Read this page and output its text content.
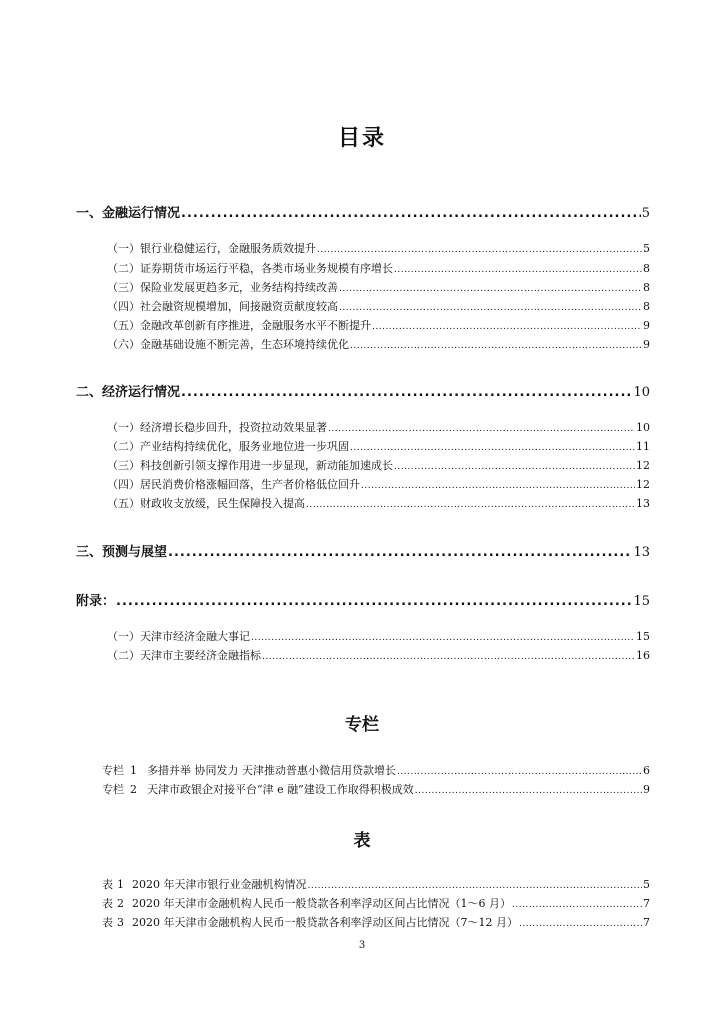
目录
一、金融运行情况 .....	5
（一）银行业稳健运行，金融服务质效提升 .....	5
（二）证券期货市场运行平稳，各类市场业务规模有序增长 .....	8
（三）保险业发展更趋多元，业务结构持续改善 .....	8
（四）社会融资规模增加，间接融资贡献度较高 .....	8
（五）金融改革创新有序推进，金融服务水平不断提升 .....	9
（六）金融基础设施不断完善，生态环境持续优化 .....	9
二、经济运行情况 .....	10
（一）经济增长稳步回升，投资拉动效果显著 .....	10
（二）产业结构持续优化，服务业地位进一步巩固 .....	11
（三）科技创新引领支撑作用进一步显现，新动能加速成长 .....	12
（四）居民消费价格涨幅回落，生产者价格低位回升 .....	12
（五）财政收支放缓，民生保障投入提高 .....	13
三、预测与展望 .....	13
附录： .....	15
（一）天津市经济金融大事记 .....	15
（二）天津市主要经济金融指标 .....	16
专栏
专栏 1 多措并举 协同发力 天津推动普惠小微信用贷款增长 .....	6
专栏 2 天津市政银企对接平台“津 e 融”建设工作取得积极成效 .....	9
表
表 1 2020 年天津市银行业金融机构情况 .....	5
表 2 2020 年天津市金融机构人民币一般贷款各利率浮动区间占比情况（1～6 月） .....	7
表 3 2020 年天津市金融机构人民币一般贷款各利率浮动区间占比情况（7～12 月） .....	7
3
